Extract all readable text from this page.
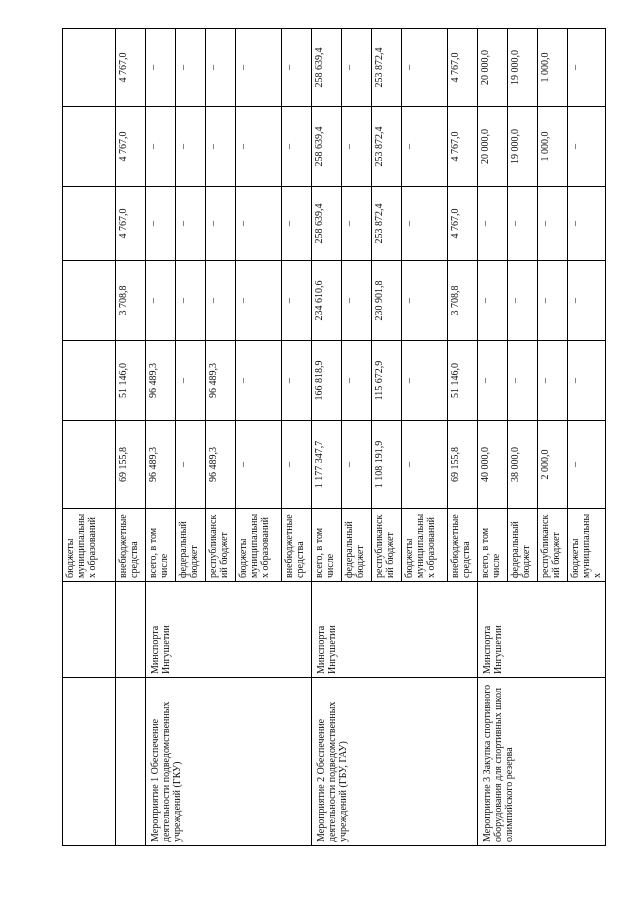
		бюджеты муниципальных образований						
		внебюджетные средства	69 155,8	51 146,0	3 708,8	4 767,0	4 767,0	4 767,0
Мероприятие 1 Обеспечение деятельности подведомственных учреждений (ГКУ)	Минспорта Ингушетии	всего, в том числе	96 489,3	96 489,3	–	–	–	–
		федеральный бюджет	–	–	–	–	–	–
		республиканский бюджет	96 489,3	96 489,3	–	–	–	–
		бюджеты муниципальных образований	–	–	–	–	–	–
		внебюджетные средства	–	–	–	–	–	–
Мероприятие 2 Обеспечение деятельности подведомственных учреждений (ГБУ, ГАУ)	Минспорта Ингушетии	всего, в том числе	1 177 347,7	166 818,9	234 610,6	258 639,4	258 639,4	258 639,4
		федеральный бюджет	–	–	–	–	–	–
		республиканский бюджет	1 108 191,9	115 672,9	230 901,8	253 872,4	253 872,4	253 872,4
		бюджеты муниципальных образований	–	–	–	–	–	–
		внебюджетные средства	69 155,8	51 146,0	3 708,8	4 767,0	4 767,0	4 767,0
Мероприятие 3 Закупка спортивного оборудования для спортивных школ олимпийского резерва	Минспорта Ингушетии	всего, в том числе	40 000,0	–	–	–	20 000,0	20 000,0
		федеральный бюджет	38 000,0	–	–	–	19 000,0	19 000,0
		республиканский бюджет	2 000,0	–	–	–	1 000,0	1 000,0
		бюджеты муниципальных	–	–	–	–	–	–
